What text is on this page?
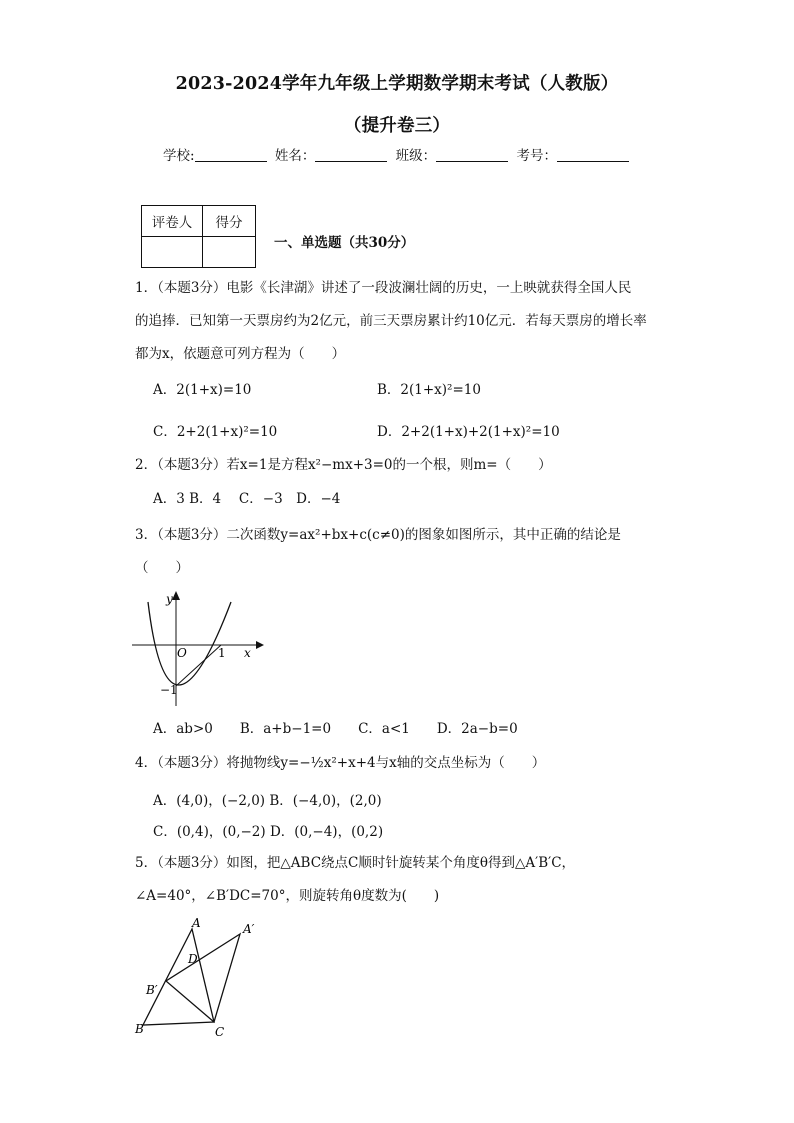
2023-2024学年九年级上学期数学期末考试（人教版）
（提升卷三）
学校:	姓名：	班级：	考号：
评卷人	得分

一、单选题（共30分）
1．（本题3分）电影《长津湖》讲述了一段波澜壮阔的历史，一上映就获得全国人民
的追捧．已知第一天票房约为2亿元，前三天票房累计约10亿元．若每天票房的增长率
都为x，依题意可列方程为（　　）
A．2(1+x)=10	B．2(1+x)²=10
C．2+2(1+x)²=10	D．2+2(1+x)+2(1+x)²=10
2．（本题3分）若x=1是方程x²−mx+3=0的一个根，则m=（　　）
A．3 B．4　 C．−3　D．−4
3．（本题3分）二次函数y=ax²+bx+c(c≠0)的图象如图所示，其中正确的结论是
（　　）
y
x
O	1
−1
A．ab>0　　B．a+b−1=0　　C．a<1　　D．2a−b=0
4．（本题3分）将抛物线y=−½x²+x+4与x轴的交点坐标为（　　）
A．(4,0)，(−2,0) B．(−4,0)，(2,0)
C．(0,4)，(0,−2) D．(0,−4)，(0,2)
5．（本题3分）如图，把△ABC绕点C顺时针旋转某个角度θ得到△A′B′C，
∠A=40°，∠B′DC=70°，则旋转角θ度数为(　　)
A	A′
D
B′
B	C
